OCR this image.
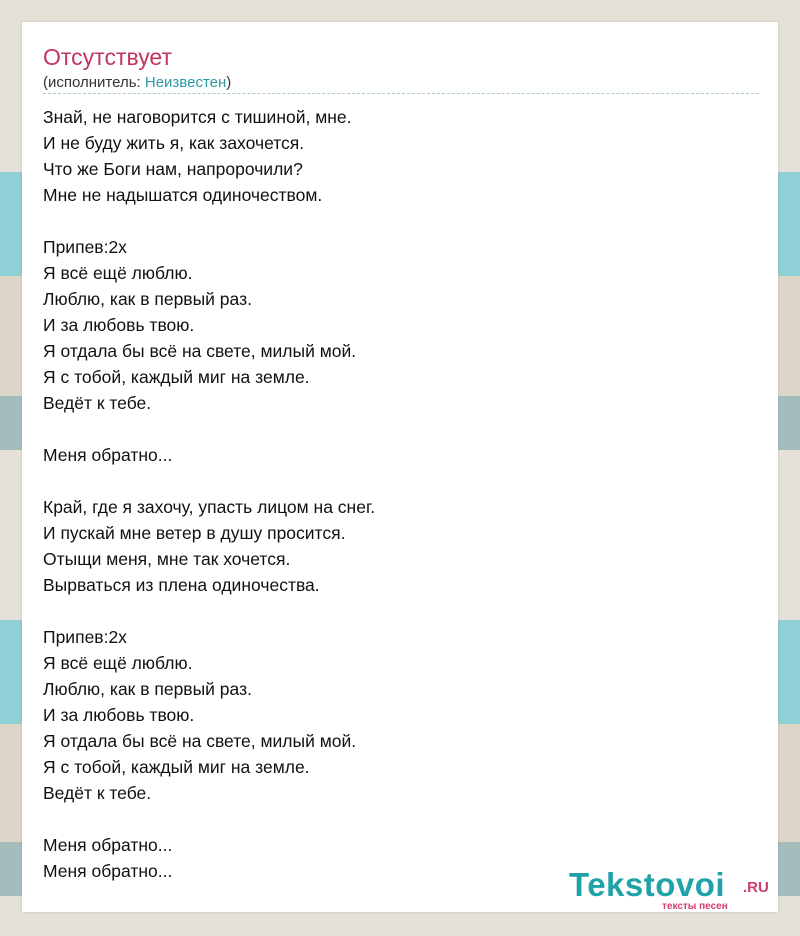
Отсутствует
(исполнитель: Неизвестен)
Знай, не наговорится с тишиной, мне.
И не буду жить я, как захочется.
Что же Боги нам, напророчили?
Мне не надышатся одиночеством.
Припев:2x
Я всё ещё люблю.
Люблю, как в первый раз.
И за любовь твою.
Я отдала бы всё на свете, милый мой.
Я с тобой, каждый миг на земле.
Ведёт к тебе.
Меня обратно...
Край, где я захочу, упасть лицом на снег.
И пускай мне ветер в душу просится.
Отыщи меня, мне так хочется.
Вырваться из плена одиночества.
Припев:2x
Я всё ещё люблю.
Люблю, как в первый раз.
И за любовь твою.
Я отдала бы всё на свете, милый мой.
Я с тобой, каждый миг на земле.
Ведёт к тебе.
Меня обратно...
Меня обратно...	Tekstovoi .RU
тексты песен
